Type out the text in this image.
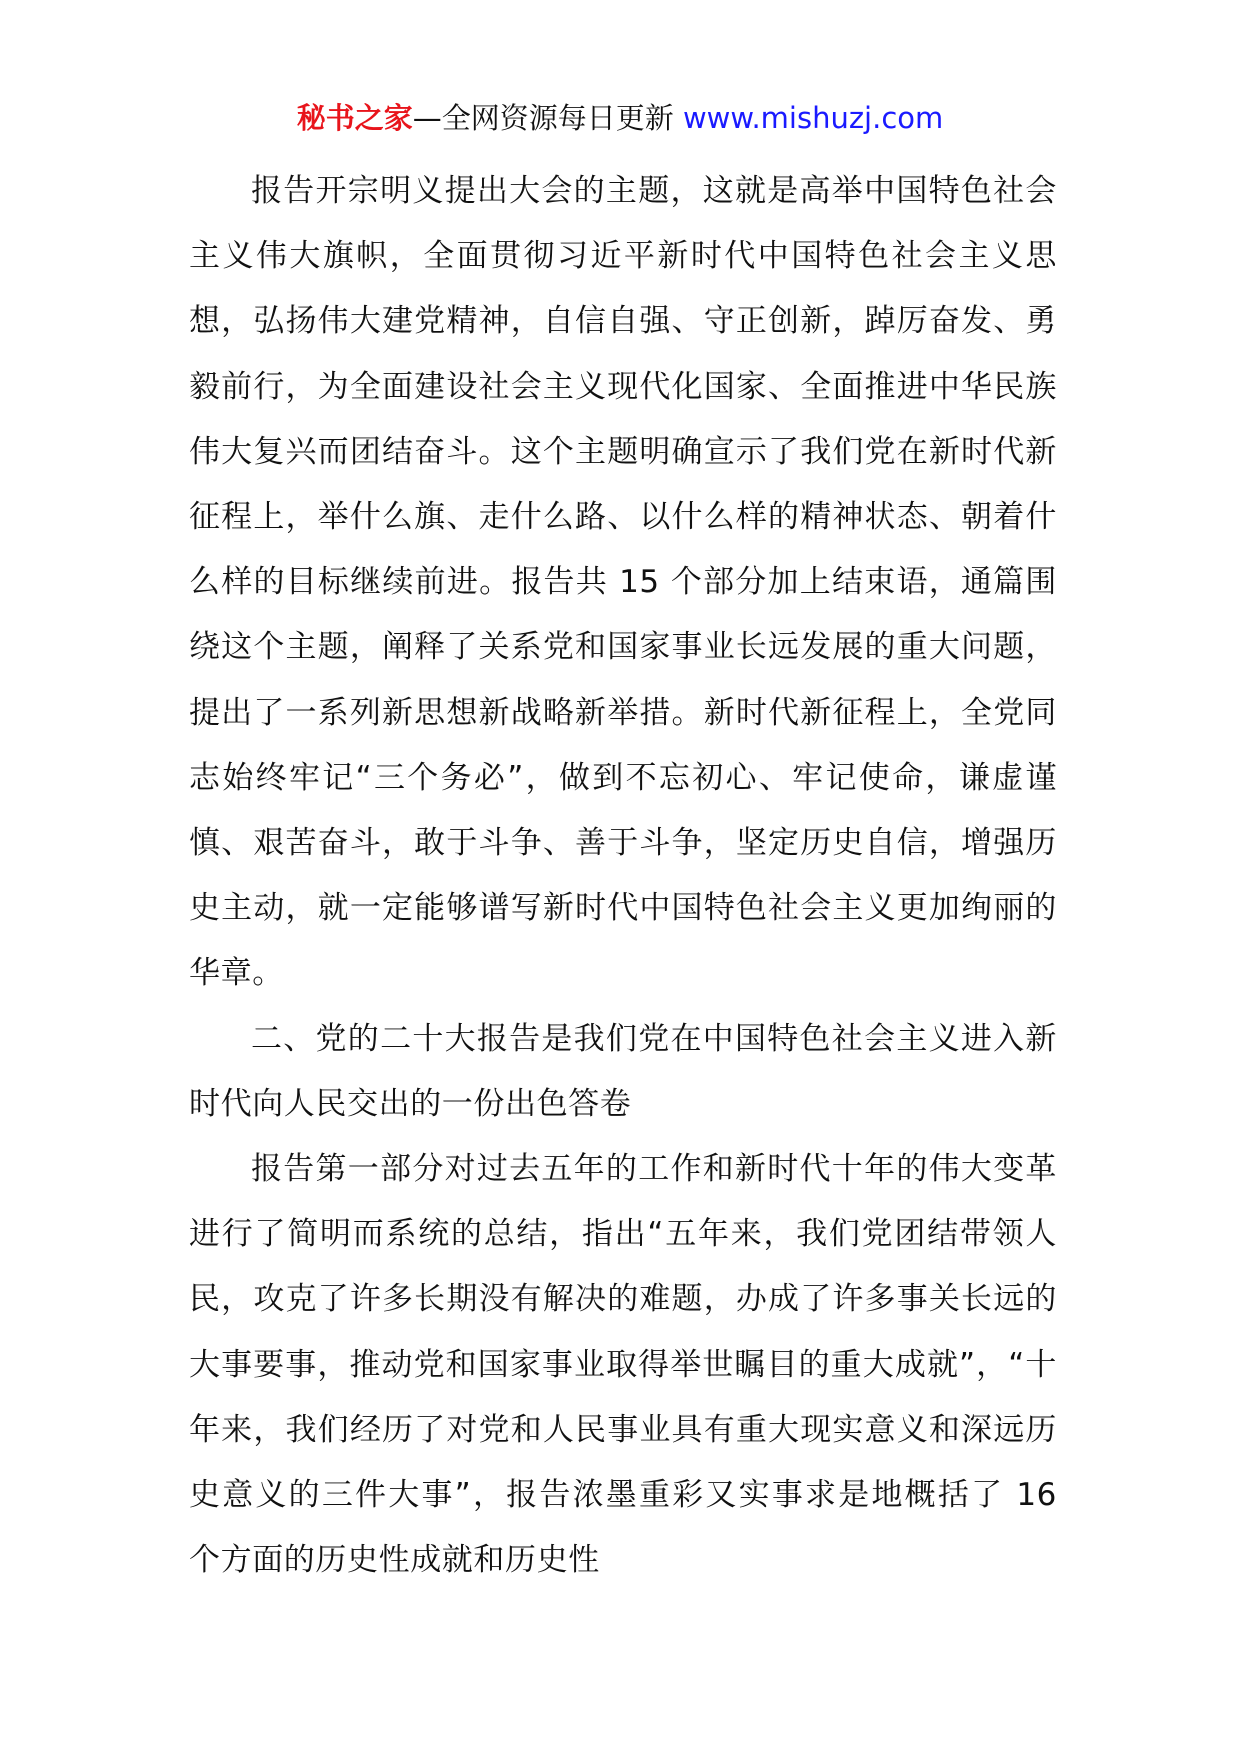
秘书之家—全网资源每日更新 www.mishuzj.com

报告开宗明义提出大会的主题，这就是高举中国特色社会主义伟大旗帜，全面贯彻习近平新时代中国特色社会主义思想，弘扬伟大建党精神，自信自强、守正创新，踔厉奋发、勇毅前行，为全面建设社会主义现代化国家、全面推进中华民族伟大复兴而团结奋斗。这个主题明确宣示了我们党在新时代新征程上，举什么旗、走什么路、以什么样的精神状态、朝着什么样的目标继续前进。报告共 15 个部分加上结束语，通篇围绕这个主题，阐释了关系党和国家事业长远发展的重大问题，提出了一系列新思想新战略新举措。新时代新征程上，全党同志始终牢记“三个务必”，做到不忘初心、牢记使命，谦虚谨慎、艰苦奋斗，敢于斗争、善于斗争，坚定历史自信，增强历史主动，就一定能够谱写新时代中国特色社会主义更加绚丽的华章。

二、党的二十大报告是我们党在中国特色社会主义进入新时代向人民交出的一份出色答卷

报告第一部分对过去五年的工作和新时代十年的伟大变革进行了简明而系统的总结，指出“五年来，我们党团结带领人民，攻克了许多长期没有解决的难题，办成了许多事关长远的大事要事，推动党和国家事业取得举世瞩目的重大成就”，“十年来，我们经历了对党和人民事业具有重大现实意义和深远历史意义的三件大事”，报告浓墨重彩又实事求是地概括了 16 个方面的历史性成就和历史性
